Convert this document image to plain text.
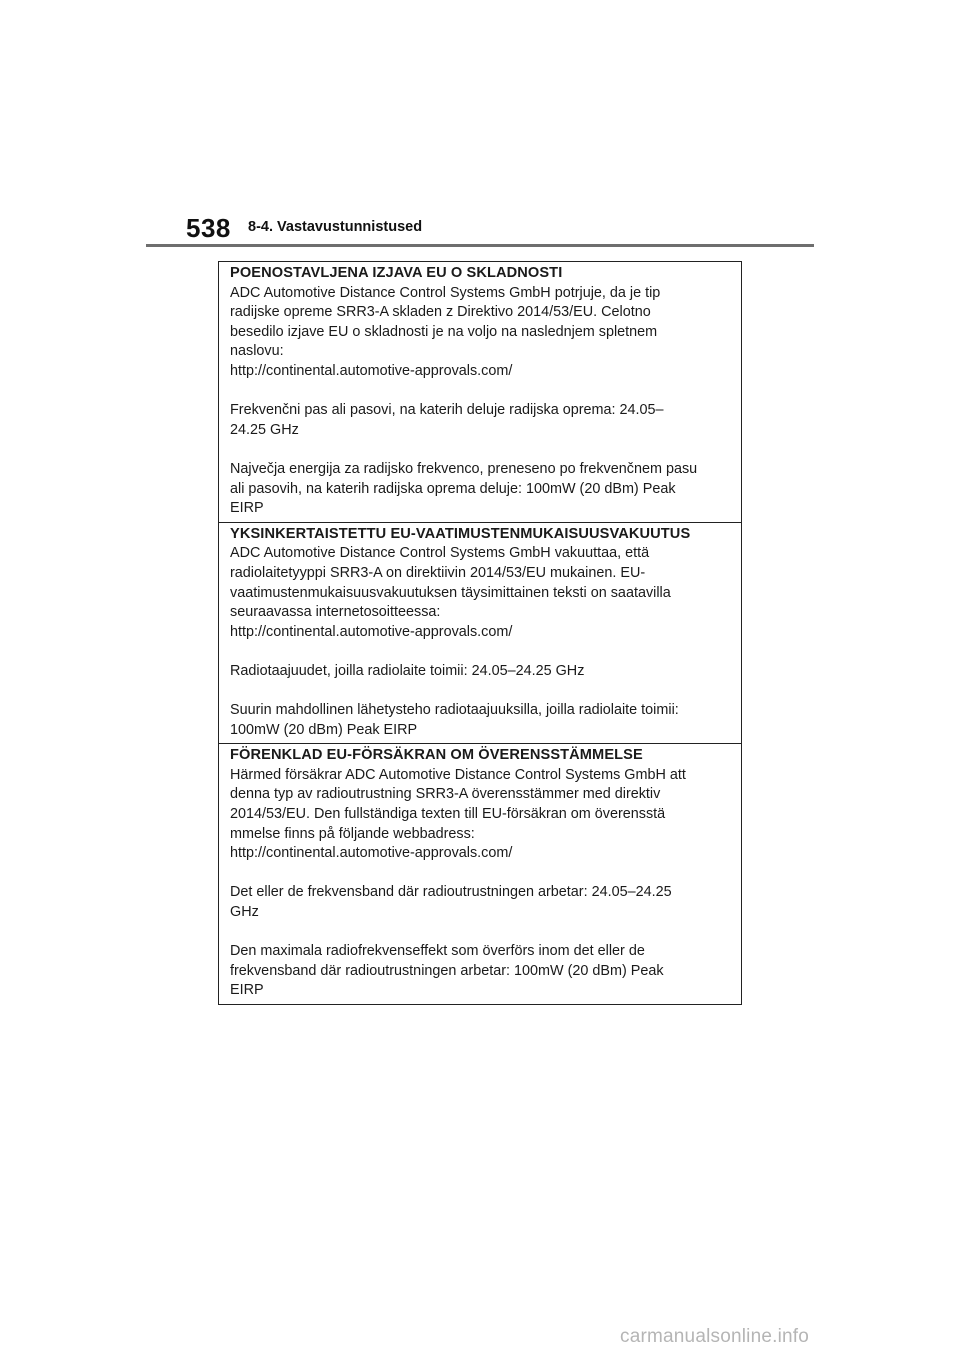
538 8-4. Vastavustunnistused
POENOSTAVLJENA IZJAVA EU O SKLADNOSTI
ADC Automotive Distance Control Systems GmbH potrjuje, da je tip
radijske opreme SRR3-A skladen z Direktivo 2014/53/EU. Celotno
besedilo izjave EU o skladnosti je na voljo na naslednjem spletnem
naslovu:
http://continental.automotive-approvals.com/
Frekvenčni pas ali pasovi, na katerih deluje radijska oprema: 24.05–
24.25 GHz
Največja energija za radijsko frekvenco, preneseno po frekvenčnem pasu
ali pasovih, na katerih radijska oprema deluje: 100mW (20 dBm) Peak
EIRP
YKSINKERTAISTETTU EU-VAATIMUSTENMUKAISUUSVAKUUTUS
ADC Automotive Distance Control Systems GmbH vakuuttaa, että
radiolaitetyyppi SRR3-A on direktiivin 2014/53/EU mukainen. EU-
vaatimustenmukaisuusvakuutuksen täysimittainen teksti on saatavilla
seuraavassa internetosoitteessa:
http://continental.automotive-approvals.com/
Radiotaajuudet, joilla radiolaite toimii: 24.05–24.25 GHz
Suurin mahdollinen lähetysteho radiotaajuuksilla, joilla radiolaite toimii:
100mW (20 dBm) Peak EIRP
FÖRENKLAD EU-FÖRSÄKRAN OM ÖVERENSSTÄMMELSE
Härmed försäkrar ADC Automotive Distance Control Systems GmbH att
denna typ av radioutrustning SRR3-A överensstämmer med direktiv
2014/53/EU. Den fullständiga texten till EU-försäkran om överensstä
mmelse finns på följande webbadress:
http://continental.automotive-approvals.com/
Det eller de frekvensband där radioutrustningen arbetar: 24.05–24.25
GHz
Den maximala radiofrekvenseffekt som överförs inom det eller de
frekvensband där radioutrustningen arbetar: 100mW (20 dBm) Peak
EIRP
carmanualsonline.info
